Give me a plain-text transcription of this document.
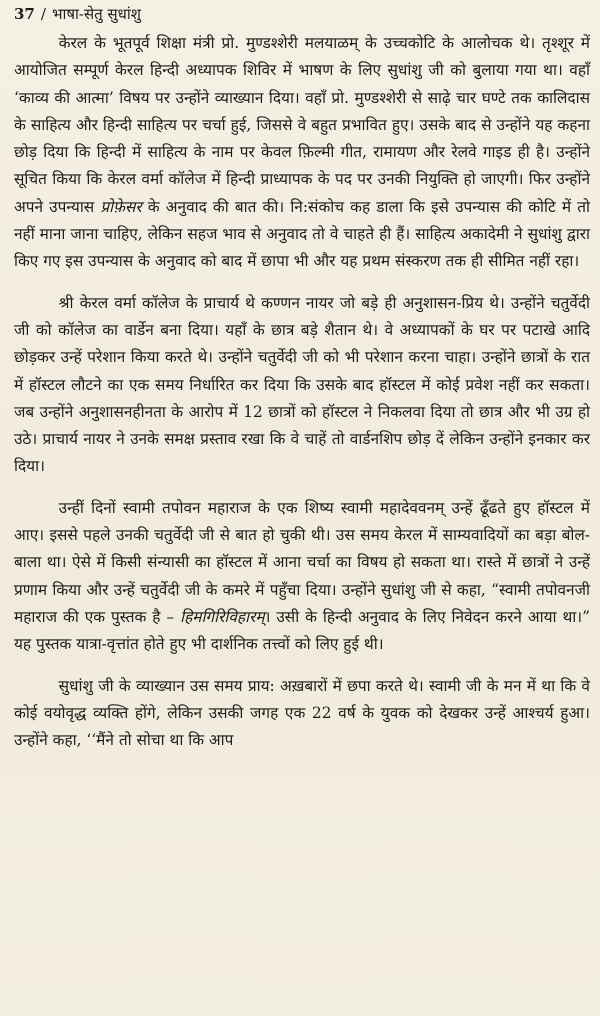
37 / भाषा-सेतु सुधांशु

केरल के भूतपूर्व शिक्षा मंत्री प्रो. मुण्डश्शेरी मलयाळम् के उच्चकोटि के आलोचक थे। तृश्शूर में आयोजित सम्पूर्ण केरल हिन्दी अध्यापक शिविर में भाषण के लिए सुधांशु जी को बुलाया गया था। वहाँ ‘काव्य की आत्मा’ विषय पर उन्होंने व्याख्यान दिया। वहाँ प्रो. मुण्डश्शेरी से साढ़े चार घण्टे तक कालिदास के साहित्य और हिन्दी साहित्य पर चर्चा हुई, जिससे वे बहुत प्रभावित हुए। उसके बाद से उन्होंने यह कहना छोड़ दिया कि हिन्दी में साहित्य के नाम पर केवल फ़िल्मी गीत, रामायण और रेलवे गाइड ही है। उन्होंने सूचित किया कि केरल वर्मा कॉलेज में हिन्दी प्राध्यापक के पद पर उनकी नियुक्ति हो जाएगी। फिर उन्होंने अपने उपन्यास प्रोफ़ेसर के अनुवाद की बात की। नि:संकोच कह डाला कि इसे उपन्यास की कोटि में तो नहीं माना जाना चाहिए, लेकिन सहज भाव से अनुवाद तो वे चाहते ही हैं। साहित्य अकादेमी ने सुधांशु द्वारा किए गए इस उपन्यास के अनुवाद को बाद में छापा भी और यह प्रथम संस्करण तक ही सीमित नहीं रहा।

श्री केरल वर्मा कॉलेज के प्राचार्य थे कण्णन नायर जो बड़े ही अनुशासन-प्रिय थे। उन्होंने चतुर्वेदी जी को कॉलेज का वार्डेन बना दिया। यहाँ के छात्र बड़े शैतान थे। वे अध्यापकों के घर पर पटाखे आदि छोड़कर उन्हें परेशान किया करते थे। उन्होंने चतुर्वेदी जी को भी परेशान करना चाहा। उन्होंने छात्रों के रात में हॉस्टल लौटने का एक समय निर्धारित कर दिया कि उसके बाद हॉस्टल में कोई प्रवेश नहीं कर सकता। जब उन्होंने अनुशासनहीनता के आरोप में 12 छात्रों को हॉस्टल ने निकलवा दिया तो छात्र और भी उग्र हो उठे। प्राचार्य नायर ने उनके समक्ष प्रस्ताव रखा कि वे चाहें तो वार्डनशिप छोड़ दें लेकिन उन्होंने इनकार कर दिया।

उन्हीं दिनों स्वामी तपोवन महाराज के एक शिष्य स्वामी महादेववनम् उन्हें ढूँढते हुए हॉस्टल में आए। इससे पहले उनकी चतुर्वेदी जी से बात हो चुकी थी। उस समय केरल में साम्यवादियों का बड़ा बोल-बाला था। ऐसे में किसी संन्यासी का हॉस्टल में आना चर्चा का विषय हो सकता था। रास्ते में छात्रों ने उन्हें प्रणाम किया और उन्हें चतुर्वेदी जी के कमरे में पहुँचा दिया। उन्होंने सुधांशु जी से कहा, “स्वामी तपोवनजी महाराज की एक पुस्तक है – हिमगिरिविहारम्। उसी के हिन्दी अनुवाद के लिए निवेदन करने आया था।” यह पुस्तक यात्रा-वृत्तांत होते हुए भी दार्शनिक तत्त्वों को लिए हुई थी।

सुधांशु जी के व्याख्यान उस समय प्राय: अख़बारों में छपा करते थे। स्वामी जी के मन में था कि वे कोई वयोवृद्ध व्यक्ति होंगे, लेकिन उसकी जगह एक 22 वर्ष के युवक को देखकर उन्हें आश्चर्य हुआ। उन्होंने कहा, ‘‘मैंने तो सोचा था कि आप
